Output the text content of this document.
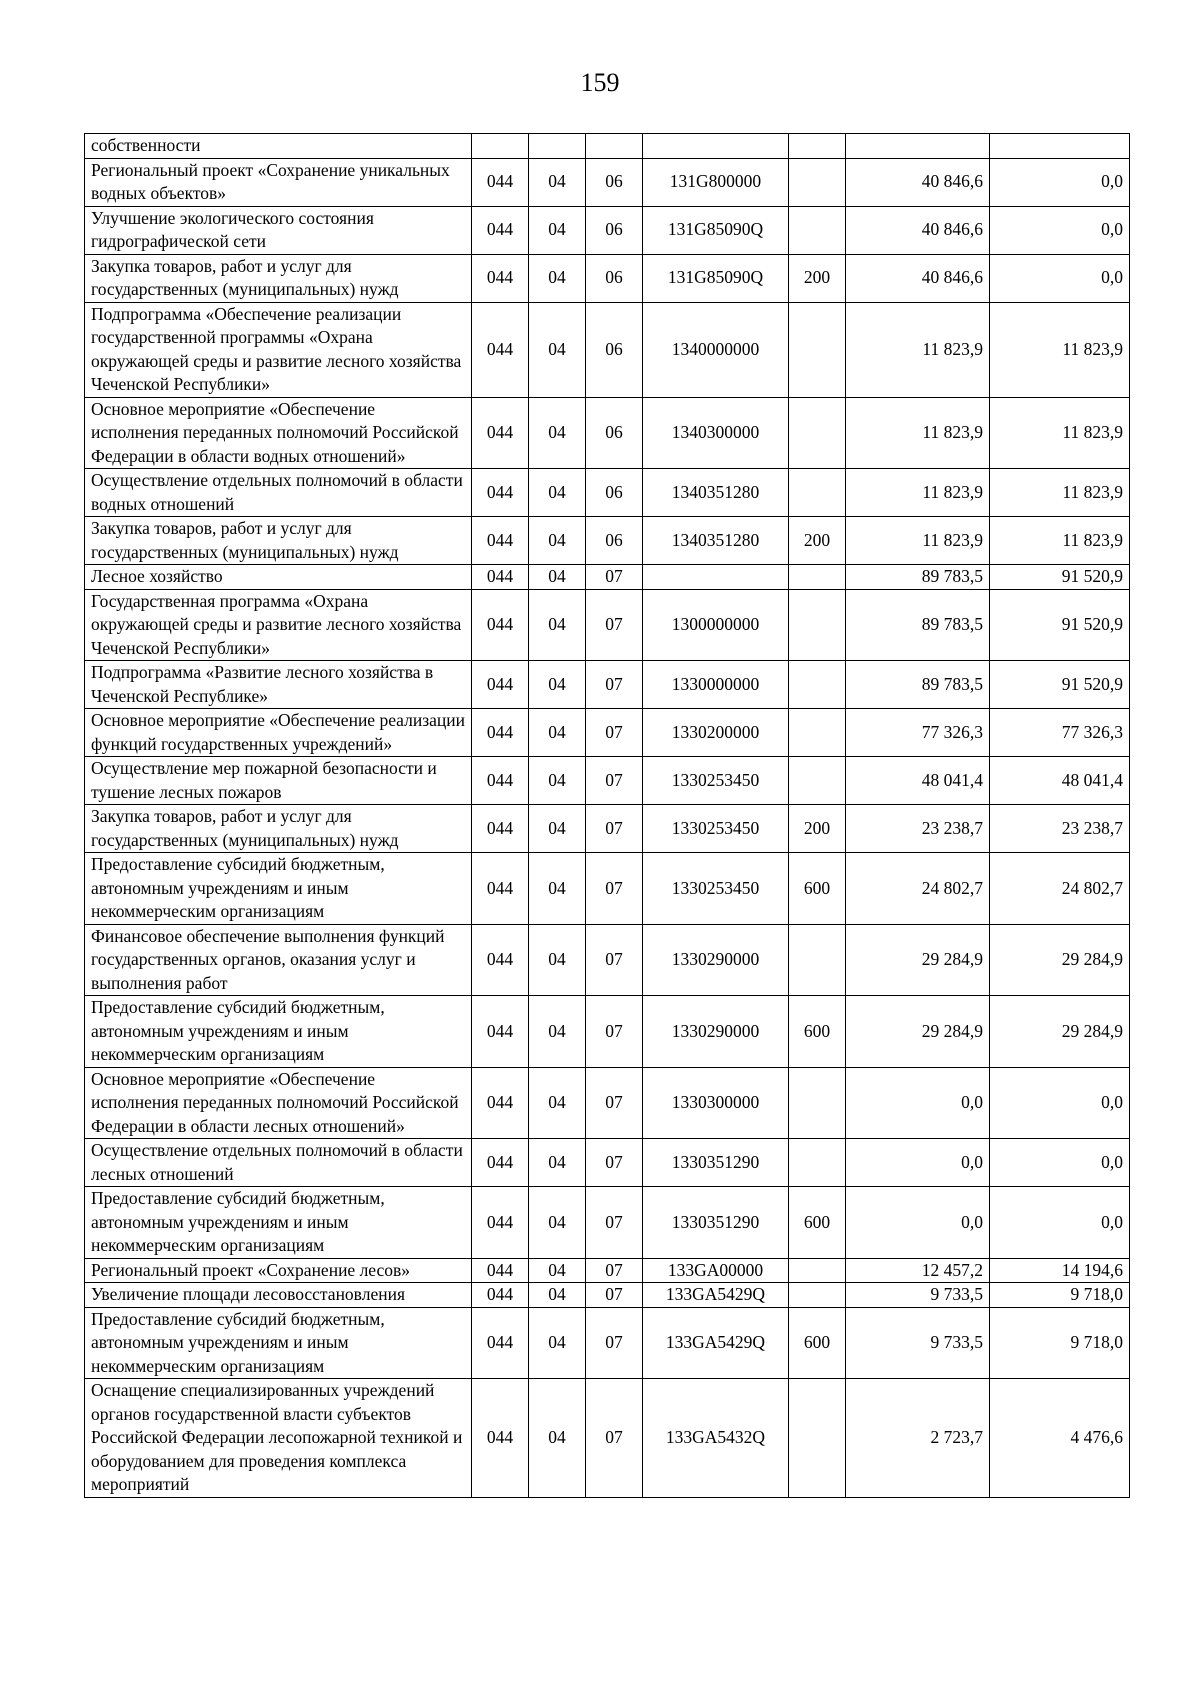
159
собственности							
Региональный проект «Сохранение уникальных водных объектов»	044	04	06	131G800000		40 846,6	0,0
Улучшение экологического состояния гидрографической сети	044	04	06	131G85090Q		40 846,6	0,0
Закупка товаров, работ и услуг для государственных (муниципальных) нужд	044	04	06	131G85090Q	200	40 846,6	0,0
Подпрограмма «Обеспечение реализации государственной программы «Охрана окружающей среды и развитие лесного хозяйства Чеченской Республики»	044	04	06	1340000000		11 823,9	11 823,9
Основное мероприятие «Обеспечение исполнения переданных полномочий Российской Федерации в области водных отношений»	044	04	06	1340300000		11 823,9	11 823,9
Осуществление отдельных полномочий в области водных отношений	044	04	06	1340351280		11 823,9	11 823,9
Закупка товаров, работ и услуг для государственных (муниципальных) нужд	044	04	06	1340351280	200	11 823,9	11 823,9
Лесное хозяйство	044	04	07			89 783,5	91 520,9
Государственная программа «Охрана окружающей среды и развитие лесного хозяйства Чеченской Республики»	044	04	07	1300000000		89 783,5	91 520,9
Подпрограмма «Развитие лесного хозяйства в Чеченской Республике»	044	04	07	1330000000		89 783,5	91 520,9
Основное мероприятие «Обеспечение реализации функций государственных учреждений»	044	04	07	1330200000		77 326,3	77 326,3
Осуществление мер пожарной безопасности и тушение лесных пожаров	044	04	07	1330253450		48 041,4	48 041,4
Закупка товаров, работ и услуг для государственных (муниципальных) нужд	044	04	07	1330253450	200	23 238,7	23 238,7
Предоставление субсидий бюджетным, автономным учреждениям и иным некоммерческим организациям	044	04	07	1330253450	600	24 802,7	24 802,7
Финансовое обеспечение выполнения функций государственных органов, оказания услуг и выполнения работ	044	04	07	1330290000		29 284,9	29 284,9
Предоставление субсидий бюджетным, автономным учреждениям и иным некоммерческим организациям	044	04	07	1330290000	600	29 284,9	29 284,9
Основное мероприятие «Обеспечение исполнения переданных полномочий Российской Федерации в области лесных отношений»	044	04	07	1330300000		0,0	0,0
Осуществление отдельных полномочий в области лесных отношений	044	04	07	1330351290		0,0	0,0
Предоставление субсидий бюджетным, автономным учреждениям и иным некоммерческим организациям	044	04	07	1330351290	600	0,0	0,0
Региональный проект «Сохранение лесов»	044	04	07	133GA00000		12 457,2	14 194,6
Увеличение площади лесовосстановления	044	04	07	133GA5429Q		9 733,5	9 718,0
Предоставление субсидий бюджетным, автономным учреждениям и иным некоммерческим организациям	044	04	07	133GA5429Q	600	9 733,5	9 718,0
Оснащение специализированных учреждений органов государственной власти субъектов Российской Федерации лесопожарной техникой и оборудованием для проведения комплекса мероприятий	044	04	07	133GA5432Q		2 723,7	4 476,6
